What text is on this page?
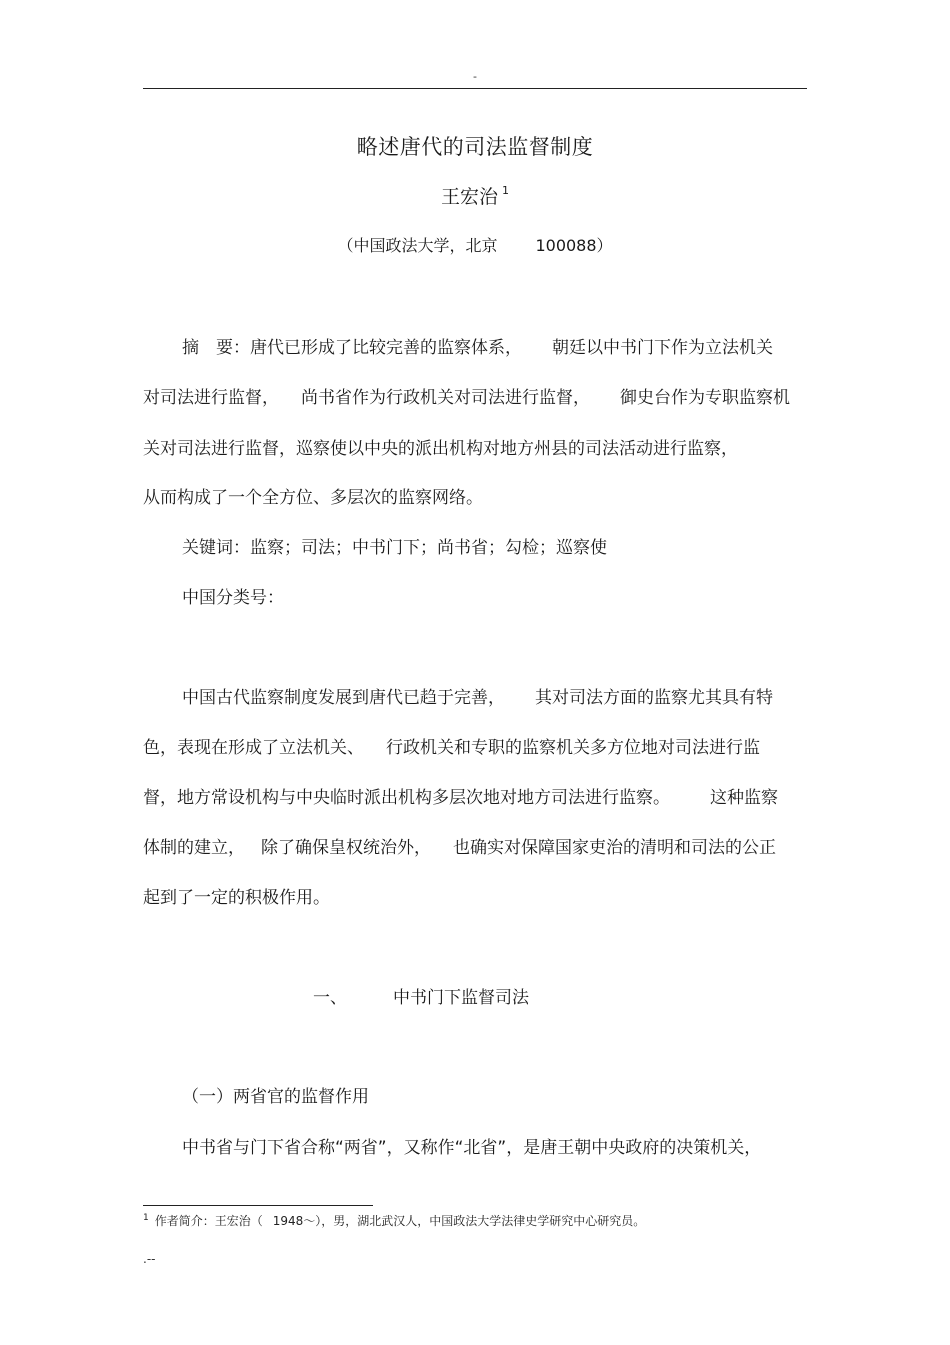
-
略述唐代的司法监督制度
王宏治 $^1$
（中国政法大学，北京 100088）
摘　要：唐代已形成了比较完善的监察体系， 朝廷以中书门下作为立法机关
对司法进行监督， 尚书省作为行政机关对司法进行监督， 御史台作为专职监察机
关对司法进行监督，巡察使以中央的派出机构对地方州县的司法活动进行监察，
从而构成了一个全方位、多层次的监察网络。
关键词：监察；司法；中书门下；尚书省；勾检；巡察使
中国分类号：
中国古代监察制度发展到唐代已趋于完善， 其对司法方面的监察尤其具有特
色，表现在形成了立法机关、 行政机关和专职的监察机关多方位地对司法进行监
督，地方常设机构与中央临时派出机构多层次地对地方司法进行监察。 这种监察
体制的建立， 除了确保皇权统治外， 也确实对保障国家吏治的清明和司法的公正
起到了一定的积极作用。
一、	中书门下监督司法
（一）两省官的监督作用
中书省与门下省合称“两省”，又称作“北省”，是唐王朝中央政府的决策机关，
$^1$ 作者简介：王宏治（ 1948～），男，湖北武汉人，中国政法大学法律史学研究中心研究员。
.--
